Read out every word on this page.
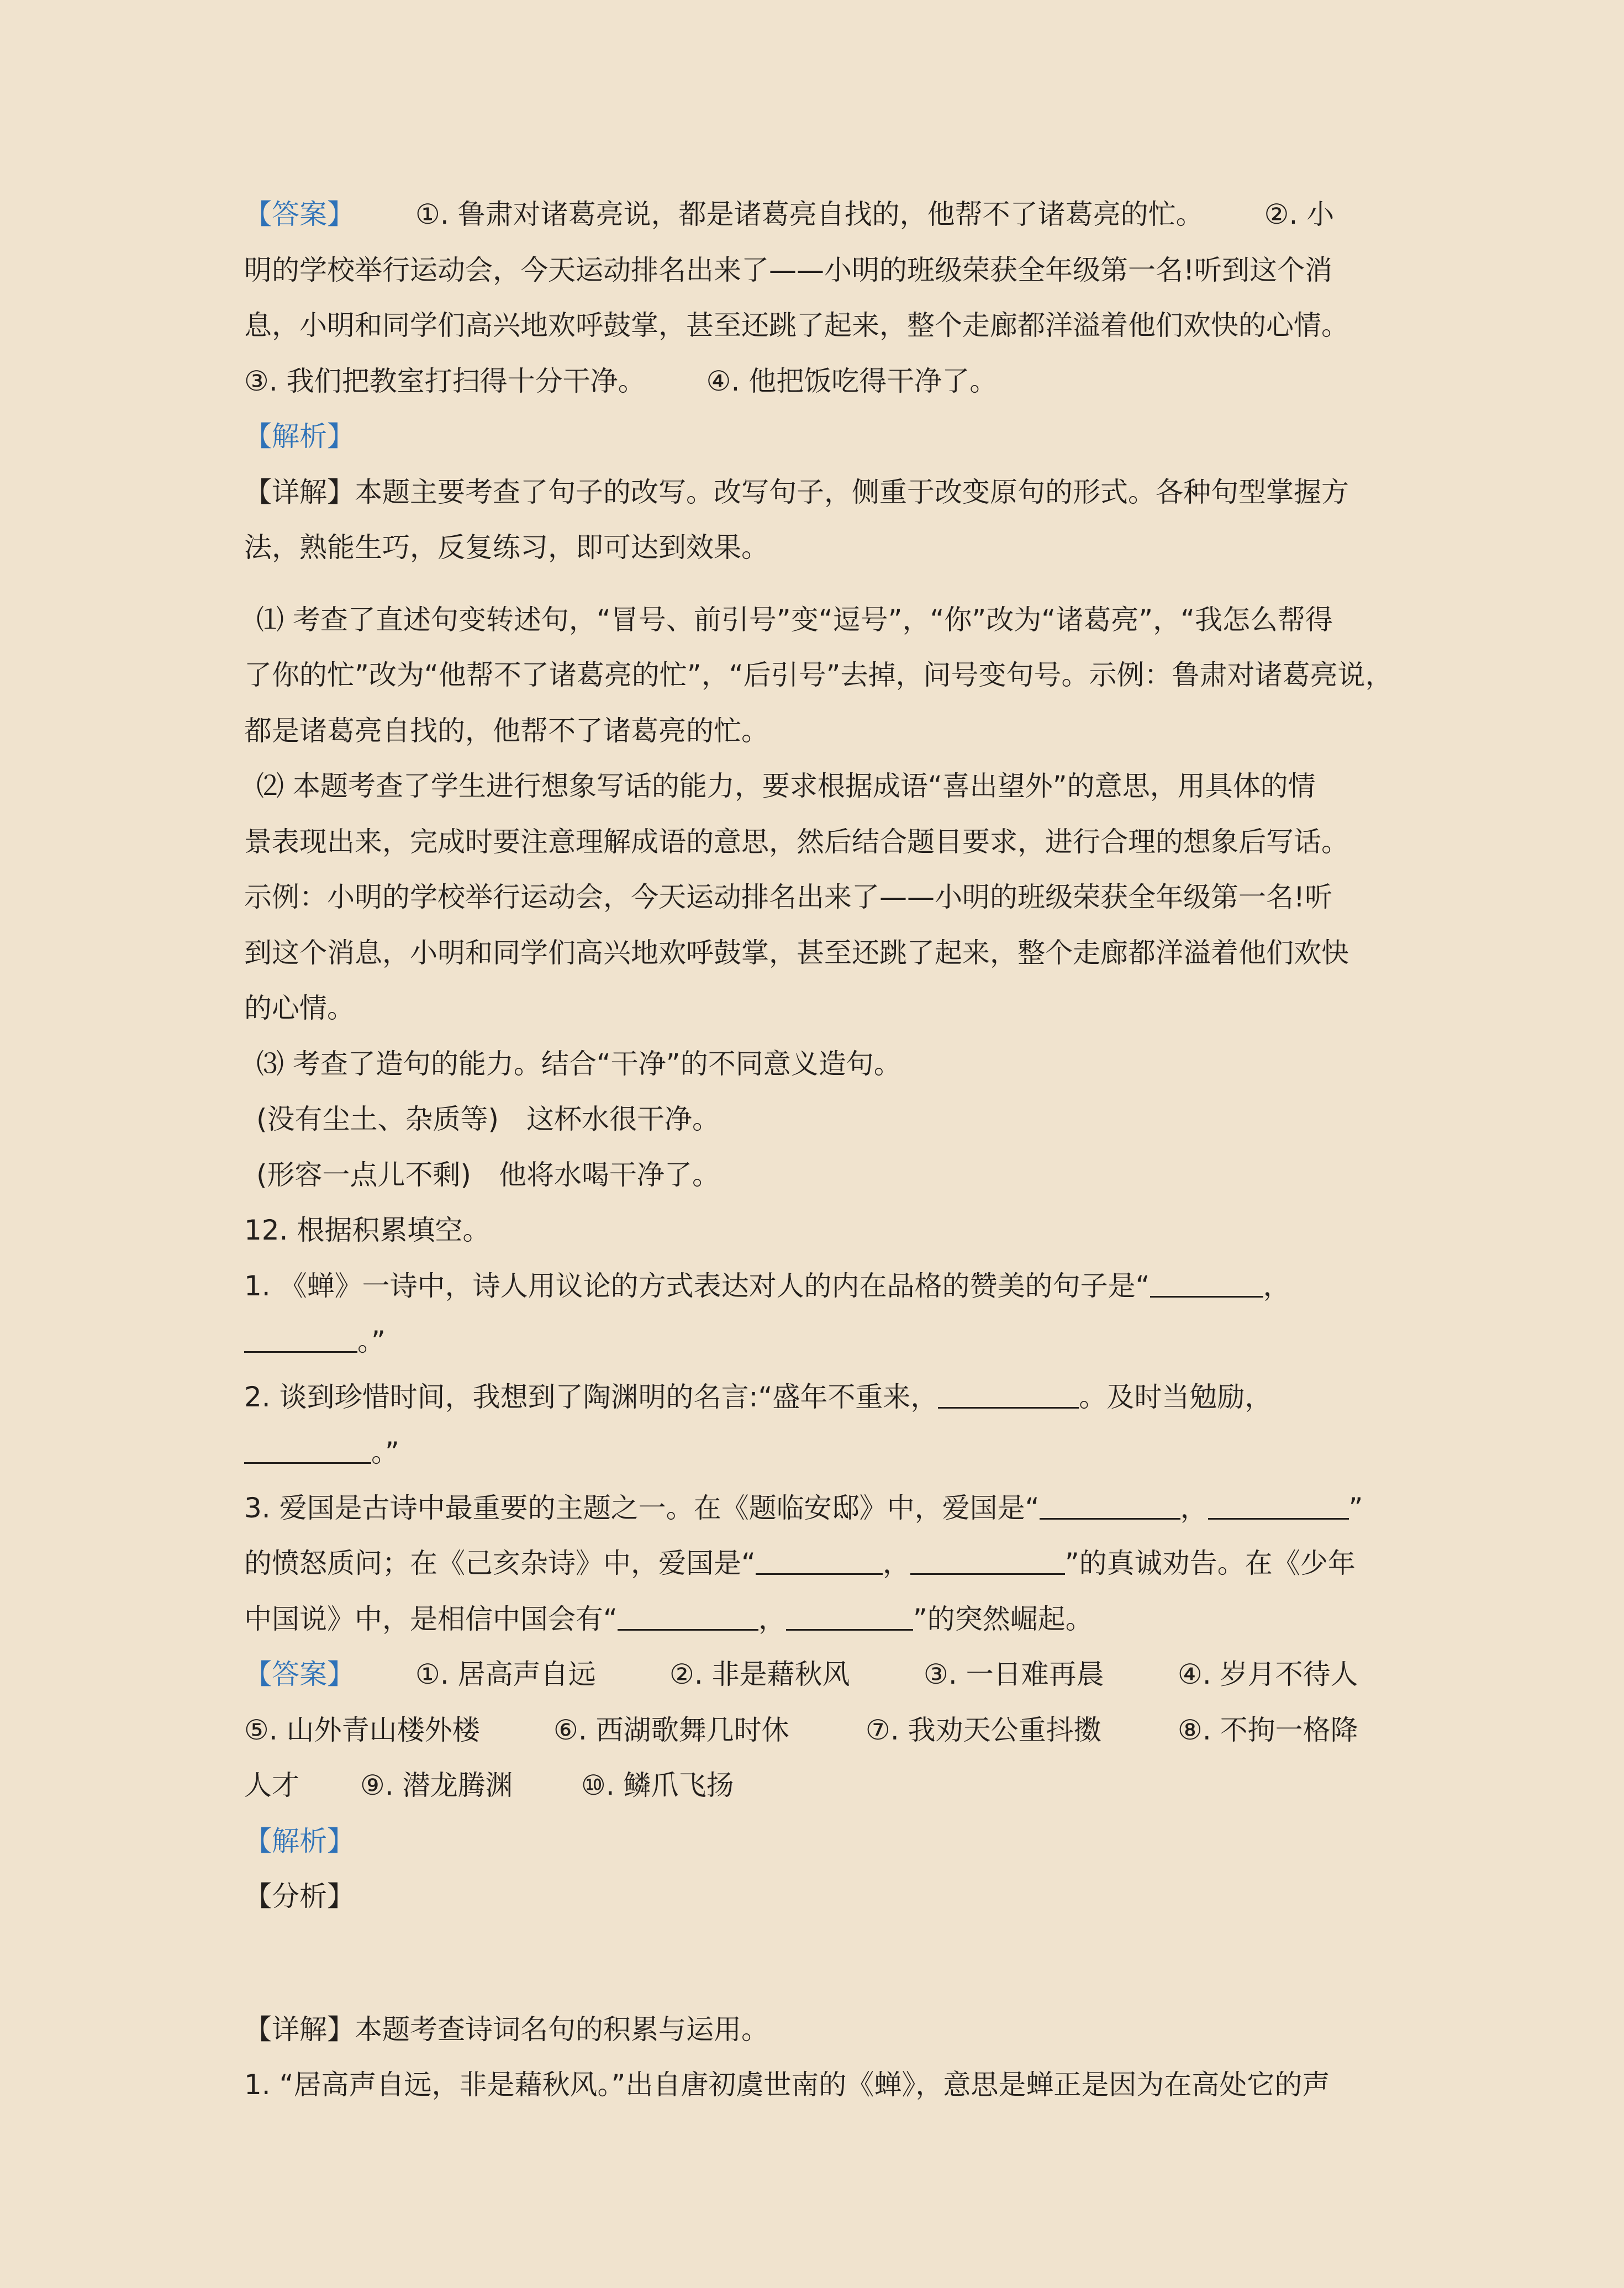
【答案】 ①. 鲁肃对诸葛亮说，都是诸葛亮自找的，他帮不了诸葛亮的忙。 ②. 小
明的学校举行运动会，今天运动排名出来了——小明的班级荣获全年级第一名!听到这个消
息，小明和同学们高兴地欢呼鼓掌，甚至还跳了起来，整个走廊都洋溢着他们欢快的心情。
③. 我们把教室打扫得十分干净。 ④. 他把饭吃得干净了。
【解析】
【详解】本题主要考查了句子的改写。改写句子，侧重于改变原句的形式。各种句型掌握方
法，熟能生巧，反复练习，即可达到效果。
⑴ 考查了直述句变转述句，“冒号、前引号”变“逗号”，“你”改为“诸葛亮”，“我怎么帮得
了你的忙”改为“他帮不了诸葛亮的忙”，“后引号”去掉，问号变句号。示例：鲁肃对诸葛亮说，
都是诸葛亮自找的，他帮不了诸葛亮的忙。
⑵ 本题考查了学生进行想象写话的能力，要求根据成语“喜出望外”的意思，用具体的情
景表现出来，完成时要注意理解成语的意思，然后结合题目要求，进行合理的想象后写话。
示例：小明的学校举行运动会，今天运动排名出来了——小明的班级荣获全年级第一名!听
到这个消息，小明和同学们高兴地欢呼鼓掌，甚至还跳了起来，整个走廊都洋溢着他们欢快
的心情。
⑶ 考查了造句的能力。结合“干净”的不同意义造句。
(没有尘土、杂质等)　这杯水很干净。
(形容一点儿不剩)　他将水喝干净了。
12. 根据积累填空。
1. 《蝉》一诗中，诗人用议论的方式表达对人的内在品格的赞美的句子是“	，
。”
2. 谈到珍惜时间，我想到了陶渊明的名言:“盛年不重来，	。及时当勉励，
。”
3. 爱国是古诗中最重要的主题之一。在《题临安邸》中，爱国是“	，	”
的愤怒质问；在《己亥杂诗》中，爱国是“	，	”的真诚劝告。在《少年
中国说》中，是相信中国会有“	，	”的突然崛起。
【答案】 ①. 居高声自远	②. 非是藉秋风	③. 一日难再晨	④. 岁月不待人
⑤. 山外青山楼外楼	⑥. 西湖歌舞几时休	⑦. 我劝天公重抖擞	⑧. 不拘一格降
人才 ⑨. 潜龙腾渊 ⑩. 鳞爪飞扬
【解析】
【分析】
【详解】本题考查诗词名句的积累与运用。
1. “居高声自远，非是藉秋风。”出自唐初虞世南的《蝉》，意思是蝉正是因为在高处它的声
